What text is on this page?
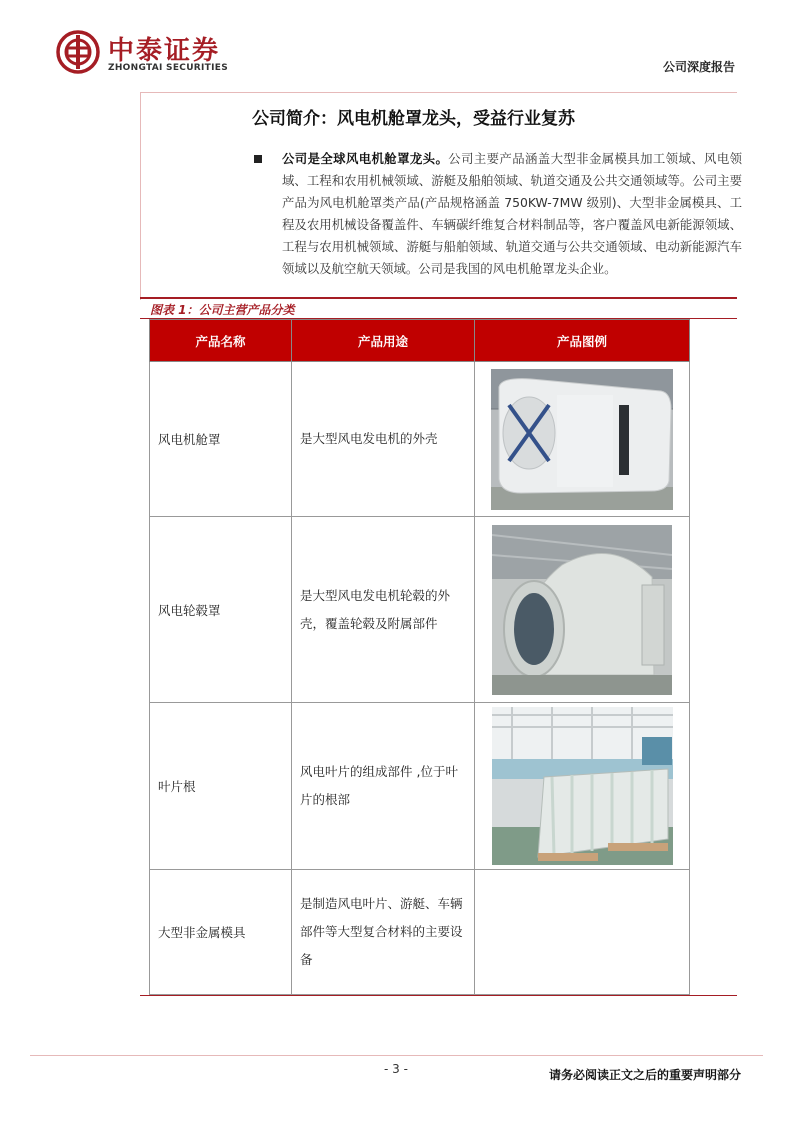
中泰证券
ZHONGTAI SECURITIES	公司深度报告
公司简介：风电机舱罩龙头，受益行业复苏
公司是全球风电机舱罩龙头。公司主要产品涵盖大型非金属模具加工领域、风电领域、工程和农用机械领域、游艇及船舶领域、轨道交通及公共交通领域等。公司主要产品为风电机舱罩类产品(产品规格涵盖 750KW-7MW 级别)、大型非金属模具、工程及农用机械设备覆盖件、车辆碳纤维复合材料制品等，客户覆盖风电新能源领域、工程与农用机械领域、游艇与船舶领域、轨道交通与公共交通领域、电动新能源汽车领域以及航空航天领域。公司是我国的风电机舱罩龙头企业。
图表 1：公司主营产品分类
产品名称	产品用途	产品图例
风电机舱罩	是大型风电发电机的外壳	

风电轮毂罩	是大型风电发电机轮毂的外壳，覆盖轮毂及附属部件	

叶片根	风电叶片的组成部件 ,位于叶片的根部	

大型非金属模具	是制造风电叶片、游艇、车辆部件等大型复合材料的主要设备	
- 3 -	请务必阅读正文之后的重要声明部分
